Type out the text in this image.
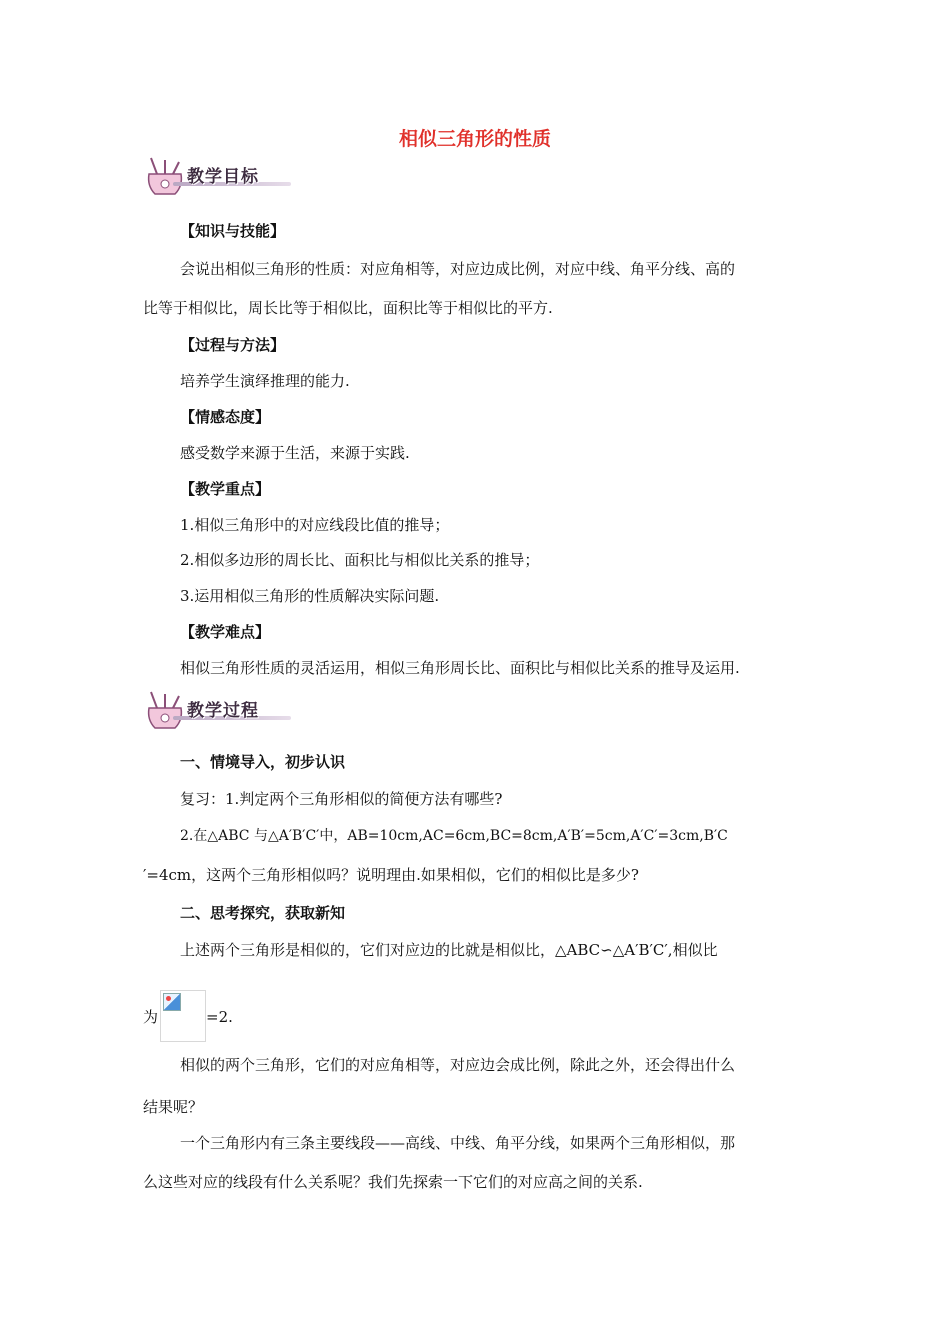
相似三角形的性质
教学目标
【知识与技能】
会说出相似三角形的性质：对应角相等，对应边成比例，对应中线、角平分线、高的
比等于相似比，周长比等于相似比，面积比等于相似比的平方.
【过程与方法】
培养学生演绎推理的能力.
【情感态度】
感受数学来源于生活，来源于实践.
【教学重点】
1.相似三角形中的对应线段比值的推导；
2.相似多边形的周长比、面积比与相似比关系的推导；
3.运用相似三角形的性质解决实际问题.
【教学难点】
相似三角形性质的灵活运用，相似三角形周长比、面积比与相似比关系的推导及运用.
教学过程
一、情境导入，初步认识
复习：1.判定两个三角形相似的简便方法有哪些?
2.在△ABC 与△A′B′C′中，AB=10cm,AC=6cm,BC=8cm,A′B′=5cm,A′C′=3cm,B′C
′=4cm，这两个三角形相似吗？说明理由.如果相似，它们的相似比是多少?
二、思考探究，获取新知
上述两个三角形是相似的，它们对应边的比就是相似比，△ABC∽△A′B′C′,相似比
为	=2.
相似的两个三角形，它们的对应角相等，对应边会成比例，除此之外，还会得出什么
结果呢？
一个三角形内有三条主要线段——高线、中线、角平分线，如果两个三角形相似，那
么这些对应的线段有什么关系呢？我们先探索一下它们的对应高之间的关系.
